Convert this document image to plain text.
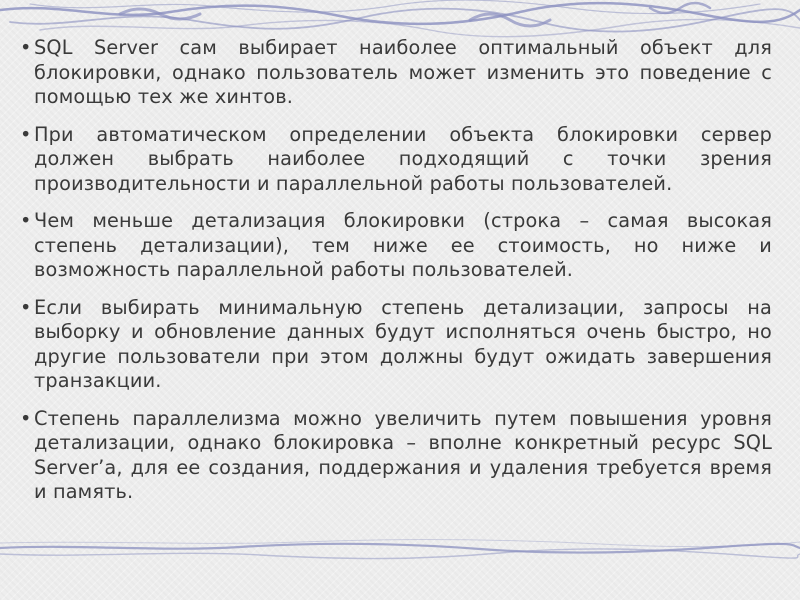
• SQL Server сам выбирает наиболее оптимальный объект для блокировки, однако пользователь может изменить это поведение с помощью тех же хинтов.
• При автоматическом определении объекта блокировки сервер должен выбрать наиболее подходящий с точки зрения производительности и параллельной работы пользователей.
• Чем меньше детализация блокировки (строка – самая высокая степень детализации), тем ниже ее стоимость, но ниже и возможность параллельной работы пользователей.
• Если выбирать минимальную степень детализации, запросы на выборку и обновление данных будут исполняться очень быстро, но другие пользователи при этом должны будут ожидать завершения транзакции.
• Степень параллелизма можно увеличить путем повышения уровня детализации, однако блокировка – вполне конкретный ресурс SQL Server’a, для ее создания, поддержания и удаления требуется время и память.
